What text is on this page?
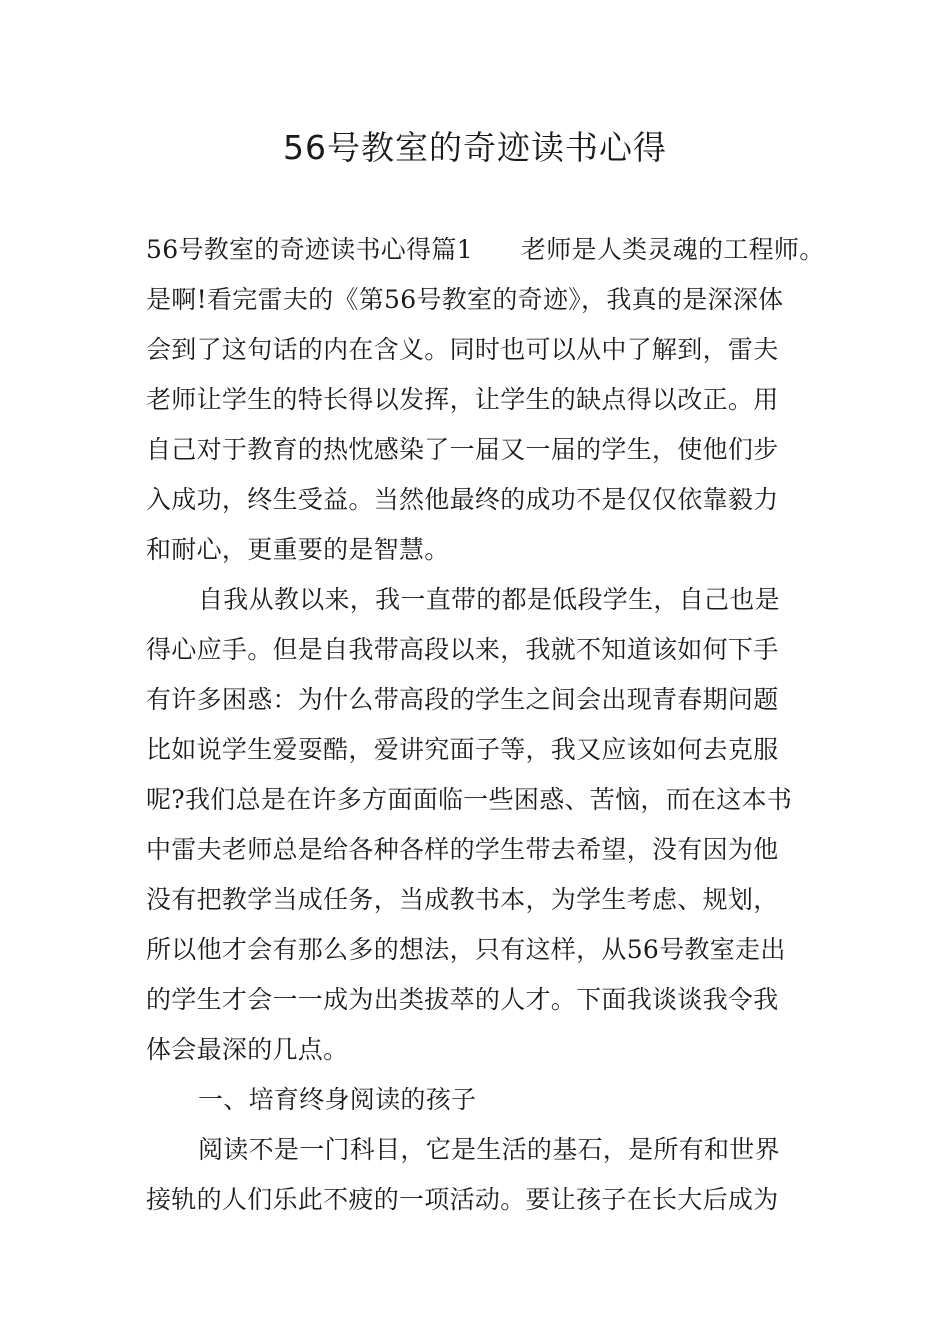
56号教室的奇迹读书心得
56号教室的奇迹读书心得篇1 老师是人类灵魂的工程师。
是啊!看完雷夫的《第56号教室的奇迹》，我真的是深深体
会到了这句话的内在含义。同时也可以从中了解到，雷夫
老师让学生的特长得以发挥，让学生的缺点得以改正。用
自己对于教育的热忱感染了一届又一届的学生，使他们步
入成功，终生受益。当然他最终的成功不是仅仅依靠毅力
和耐心，更重要的是智慧。
自我从教以来，我一直带的都是低段学生，自己也是
得心应手。但是自我带高段以来，我就不知道该如何下手
有许多困惑：为什么带高段的学生之间会出现青春期问题
比如说学生爱耍酷，爱讲究面子等，我又应该如何去克服
呢?我们总是在许多方面面临一些困惑、苦恼，而在这本书
中雷夫老师总是给各种各样的学生带去希望，没有因为他
没有把教学当成任务，当成教书本，为学生考虑、规划，
所以他才会有那么多的想法，只有这样，从56号教室走出
的学生才会一一成为出类拔萃的人才。下面我谈谈我令我
体会最深的几点。
一、培育终身阅读的孩子
阅读不是一门科目，它是生活的基石，是所有和世界
接轨的人们乐此不疲的一项活动。要让孩子在长大后成为
